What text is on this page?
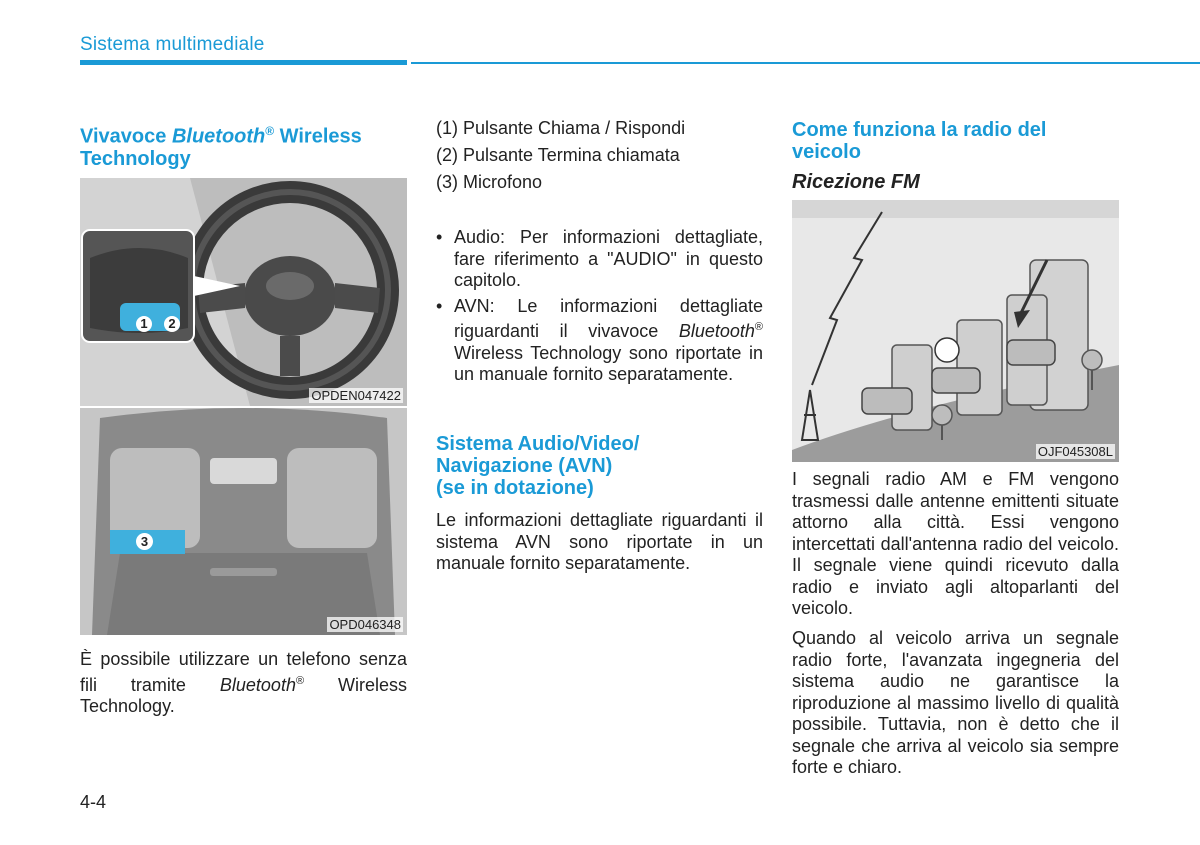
Sistema multimediale
Vivavoce Bluetooth® Wireless Technology
1	2
OPDEN047422
3
OPD046348

È possibile utilizzare un telefono senza fili tramite Bluetooth® Wireless Technology.

(1) Pulsante Chiama / Rispondi
(2) Pulsante Termina chiamata
(3) Microfono
• Audio: Per informazioni dettagliate, fare riferimento a "AUDIO" in questo capitolo.
• AVN: Le informazioni dettagliate riguardanti il vivavoce Bluetooth® Wireless Technology sono riportate in un manuale fornito separatamente.
Sistema Audio/Video/
Navigazione (AVN)
(se in dotazione)

Le informazioni dettagliate riguardanti il sistema AVN sono riportate in un manuale fornito separatamente.

Come funziona la radio del veicolo
Ricezione FM
OJF045308L

I segnali radio AM e FM vengono trasmessi dalle antenne emittenti situate attorno alla città. Essi vengono intercettati dall'antenna radio del veicolo. Il segnale viene quindi ricevuto dalla radio e inviato agli altoparlanti del veicolo.

Quando al veicolo arriva un segnale radio forte, l'avanzata ingegneria del sistema audio ne garantisce la riproduzione al massimo livello di qualità possibile. Tuttavia, non è detto che il segnale che arriva al veicolo sia sempre forte e chiaro.

4-4
